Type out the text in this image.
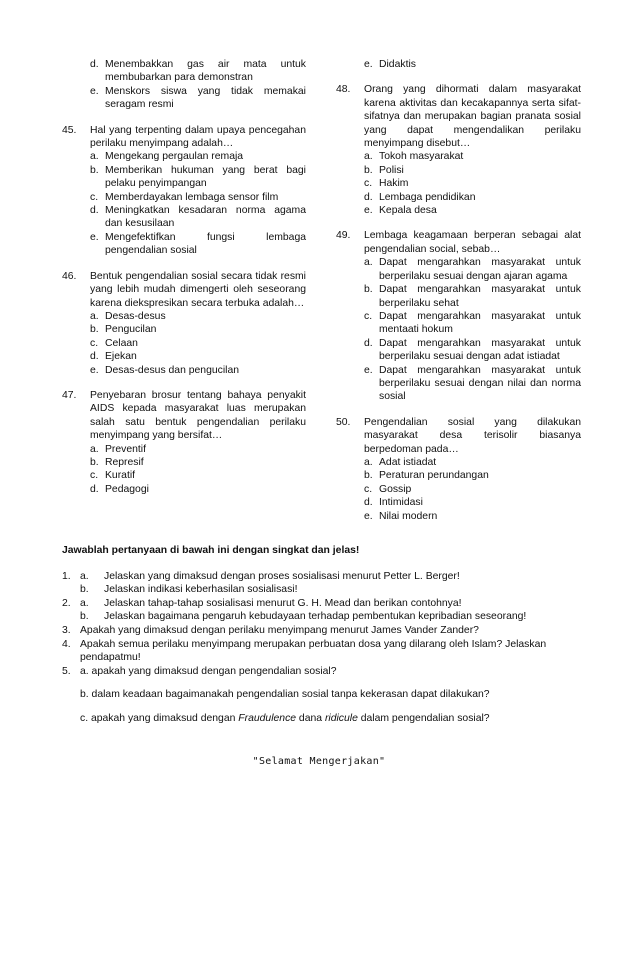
d. Menembakkan gas air mata untuk membubarkan para demonstran
e. Menskors siswa yang tidak memakai seragam resmi
45. Hal yang terpenting dalam upaya pencegahan perilaku menyimpang adalah…
a. Mengekang pergaulan remaja
b. Memberikan hukuman yang berat bagi pelaku penyimpangan
c. Memberdayakan lembaga sensor film
d. Meningkatkan kesadaran norma agama dan kesusilaan
e. Mengefektifkan fungsi lembaga pengendalian sosial
46. Bentuk pengendalian sosial secara tidak resmi yang lebih mudah dimengerti oleh seseorang karena diekspresikan secara terbuka adalah…
a. Desas-desus
b. Pengucilan
c. Celaan
d. Ejekan
e. Desas-desus dan pengucilan
47. Penyebaran brosur tentang bahaya penyakit AIDS kepada masyarakat luas merupakan salah satu bentuk pengendalian perilaku menyimpang yang bersifat…
a. Preventif
b. Represif
c. Kuratif
d. Pedagogi
e. Didaktis
48. Orang yang dihormati dalam masyarakat karena aktivitas dan kecakapannya serta sifat-sifatnya dan merupakan bagian pranata sosial yang dapat mengendalikan perilaku menyimpang disebut…
a. Tokoh masyarakat
b. Polisi
c. Hakim
d. Lembaga pendidikan
e. Kepala desa
49. Lembaga keagamaan berperan sebagai alat pengendalian social, sebab…
a. Dapat mengarahkan masyarakat untuk berperilaku sesuai dengan ajaran agama
b. Dapat mengarahkan masyarakat untuk berperilaku sehat
c. Dapat mengarahkan masyarakat untuk mentaati hokum
d. Dapat mengarahkan masyarakat untuk berperilaku sesuai dengan adat istiadat
e. Dapat mengarahkan masyarakat untuk berperilaku sesuai dengan nilai dan norma sosial
50. Pengendalian sosial yang dilakukan masyarakat desa terisolir biasanya berpedoman pada…
a. Adat istiadat
b. Peraturan perundangan
c. Gossip
d. Intimidasi
e. Nilai modern
Jawablah pertanyaan di bawah ini dengan singkat dan jelas!
1. a.	Jelaskan yang dimaksud dengan proses sosialisasi menurut Petter L. Berger!
b.	Jelaskan indikasi keberhasilan sosialisasi!
2. a.	Jelaskan tahap-tahap sosialisasi menurut G. H. Mead dan berikan contohnya!
b.	Jelaskan bagaimana pengaruh kebudayaan terhadap pembentukan kepribadian seseorang!
3. Apakah yang dimaksud dengan perilaku menyimpang menurut James Vander Zander?
4. Apakah semua perilaku menyimpang merupakan perbuatan dosa yang dilarang oleh Islam? Jelaskan pendapatmu!
5. a. apakah yang dimaksud dengan pengendalian sosial?
b. dalam keadaan bagaimanakah pengendalian sosial tanpa kekerasan dapat dilakukan?
c. apakah yang dimaksud dengan Fraudulence dana ridicule dalam pengendalian sosial?
"Selamat Mengerjakan"
